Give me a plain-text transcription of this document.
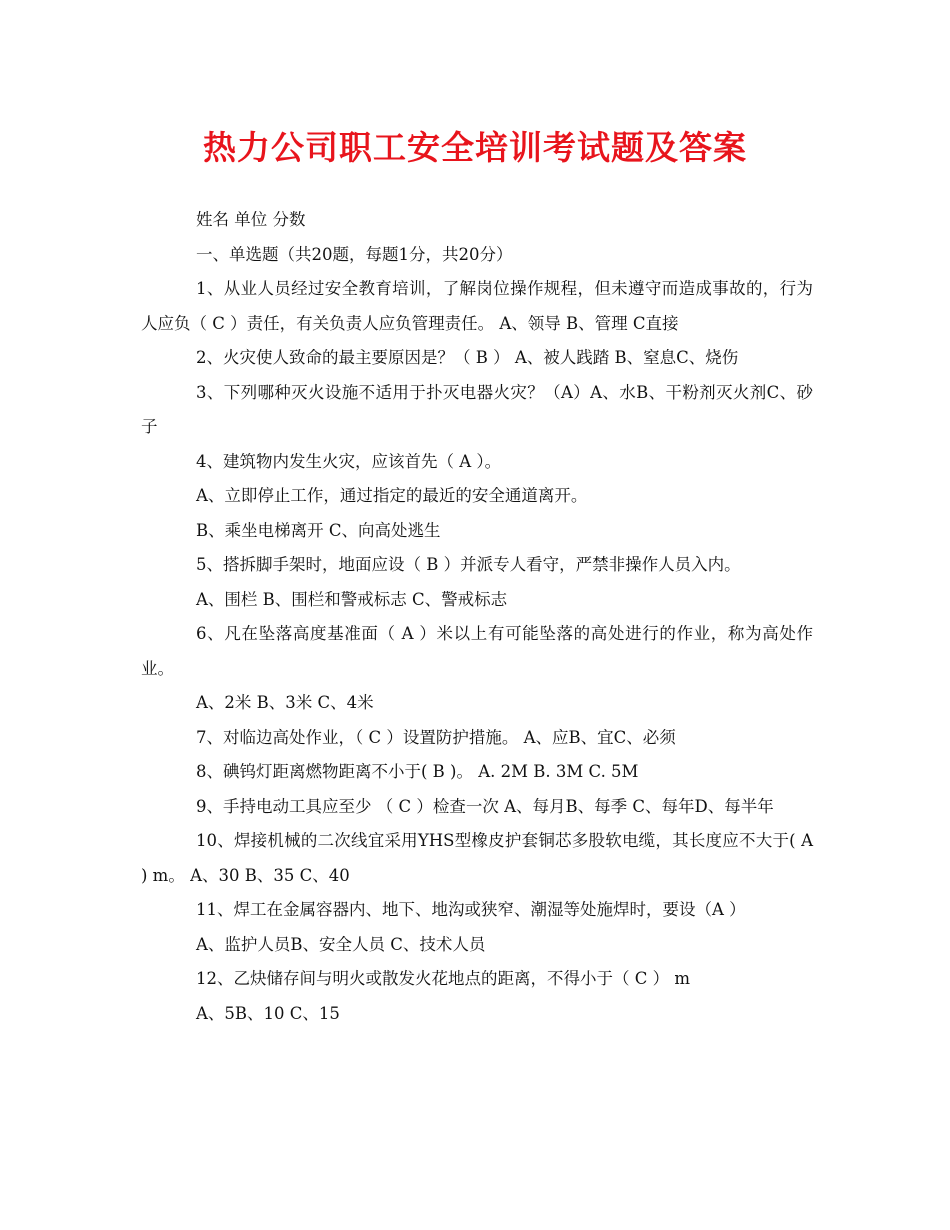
热力公司职工安全培训考试题及答案

姓名 单位 分数

一、单选题（共20题，每题1分，共20分）

1、从业人员经过安全教育培训，了解岗位操作规程，但未遵守而造成事故的，行为人应负（ C ）责任，有关负责人应负管理责任。 A、领导 B、管理 C直接

2、火灾使人致命的最主要原因是？（ B ） A、被人践踏 B、窒息C、烧伤

3、下列哪种灭火设施不适用于扑灭电器火灾？（A）A、水B、干粉剂灭火剂C、砂子

4、建筑物内发生火灾，应该首先（ A ）。

A、立即停止工作，通过指定的最近的安全通道离开。

B、乘坐电梯离开 C、向高处逃生

5、搭拆脚手架时，地面应设（ B ）并派专人看守，严禁非操作人员入内。

A、围栏 B、围栏和警戒标志 C、警戒标志

6、凡在坠落高度基准面（ A ）米以上有可能坠落的高处进行的作业，称为高处作业。

A、2米 B、3米 C、4米

7、对临边高处作业，（ C ）设置防护措施。 A、应B、宜C、必须

8、碘钨灯距离燃物距离不小于( B )。 A. 2M B. 3M C. 5M

9、手持电动工具应至少 （ C ）检查一次 A、每月B、每季 C、每年D、每半年

10、焊接机械的二次线宜采用YHS型橡皮护套铜芯多股软电缆，其长度应不大于( A ) m。 A、30 B、35 C、40

11、焊工在金属容器内、地下、地沟或狭窄、潮湿等处施焊时，要设（A ）

A、监护人员B、安全人员 C、技术人员

12、乙炔储存间与明火或散发火花地点的距离，不得小于（ C ） m

A、5B、10 C、15
